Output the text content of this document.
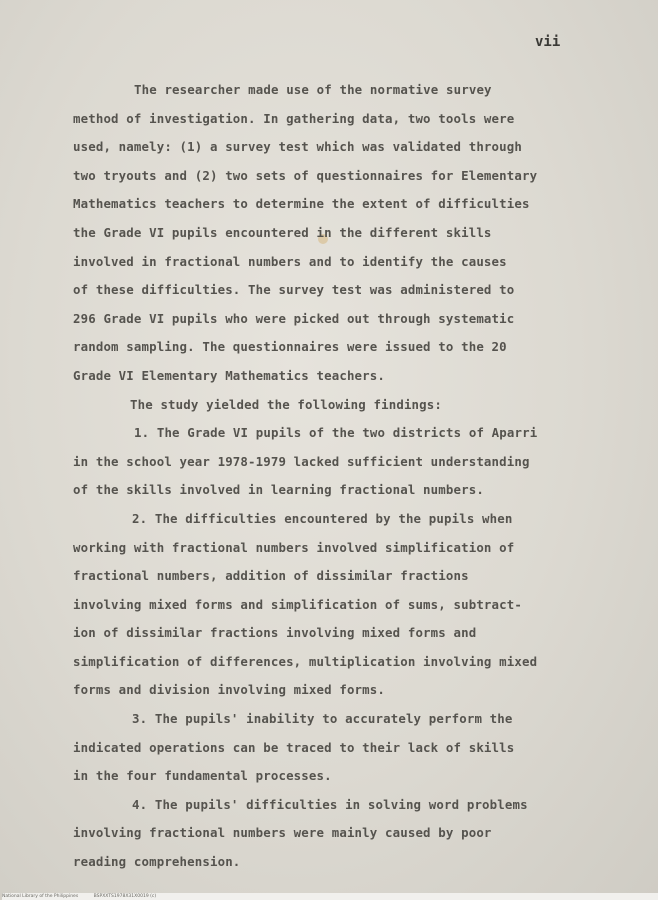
vii
The researcher made use of the normative survey
method of investigation. In gathering data, two tools were
used, namely: (1) a survey test which was validated through
two tryouts and (2) two sets of questionnaires for Elementary
Mathematics teachers to determine the extent of difficulties
the Grade VI pupils encountered in the different skills
involved in fractional numbers and to identify the causes
of these difficulties. The survey test was administered to
296 Grade VI pupils who were picked out through systematic
random sampling. The questionnaires were issued to the 20
Grade VI Elementary Mathematics teachers.
The study yielded the following findings:
1. The Grade VI pupils of the two districts of Aparri
in the school year 1978-1979 lacked sufficient understanding
of the skills involved in learning fractional numbers.
2. The difficulties encountered by the pupils when
working with fractional numbers involved simplification of
fractional numbers, addition of dissimilar fractions
involving mixed forms and simplification of sums, subtract-
ion of dissimilar fractions involving mixed forms and
simplification of differences, multiplication involving mixed
forms and division involving mixed forms.
3. The pupils' inability to accurately perform the
indicated operations can be traced to their lack of skills
in the four fundamental processes.
4. The pupils' difficulties in solving word problems
involving fractional numbers were mainly caused by poor
reading comprehension.
National Library of the Philippines	BSPXXTS1978X31X0019 (c)
